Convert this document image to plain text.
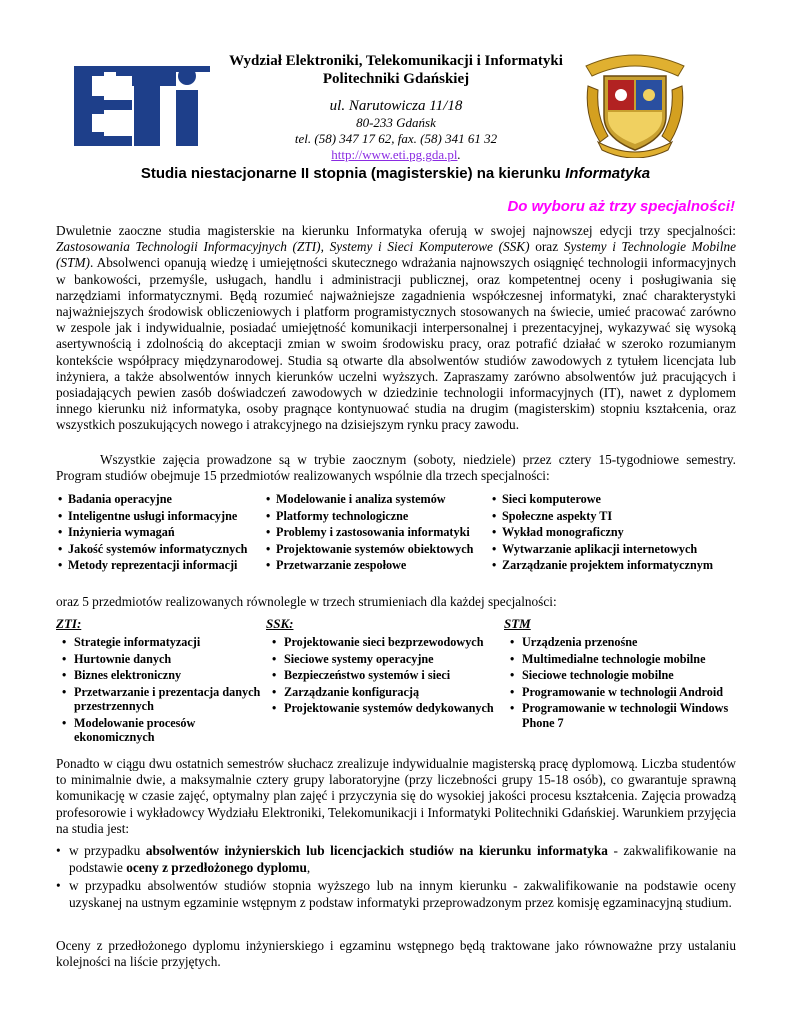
Wydział Elektroniki, Telekomunikacji i Informatyki
Politechniki Gdańskiej
ul. Narutowicza 11/18
80-233 Gdańsk
tel. (58) 347 17 62, fax. (58) 341 61 32
http://www.eti.pg.gda.pl.
Studia niestacjonarne II stopnia (magisterskie) na kierunku Informatyka
Do wyboru aż trzy specjalności!
Dwuletnie zaoczne studia magisterskie na kierunku Informatyka oferują w swojej najnowszej edycji trzy specjalności: Zastosowania Technologii Informacyjnych (ZTI), Systemy i Sieci Komputerowe (SSK) oraz Systemy i Technologie Mobilne (STM). Absolwenci opanują wiedzę i umiejętności skutecznego wdrażania najnowszych osiągnięć technologii informacyjnych w bankowości, przemyśle, usługach, handlu i administracji publicznej, oraz kompetentnej oceny i posługiwania się narzędziami informatycznymi. Będą rozumieć najważniejsze zagadnienia współczesnej informatyki, znać charakterystyki najważniejszych środowisk obliczeniowych i platform programistycznych stosowanych na świecie, umieć pracować zarówno w zespole jak i indywidualnie, posiadać umiejętność komunikacji interpersonalnej i prezentacyjnej, wykazywać się wysoką asertywnością i zdolnością do akceptacji zmian w swoim środowisku pracy, oraz potrafić działać w szeroko rozumianym kontekście współpracy międzynarodowej. Studia są otwarte dla absolwentów studiów zawodowych z tytułem licencjata lub inżyniera, a także absolwentów innych kierunków uczelni wyższych. Zapraszamy zarówno absolwentów już pracujących i posiadających pewien zasób doświadczeń zawodowych w dziedzinie technologii informacyjnych (IT), nawet z dyplomem innego kierunku niż informatyka, osoby pragnące kontynuować studia na drugim (magisterskim) stopniu kształcenia, oraz wszystkich poszukujących nowego i atrakcyjnego na dzisiejszym rynku pracy zawodu.
Wszystkie zajęcia prowadzone są w trybie zaocznym (soboty, niedziele) przez cztery 15-tygodniowe semestry. Program studiów obejmuje 15 przedmiotów realizowanych wspólnie dla trzech specjalności:
• Badania operacyjne	• Modelowanie i analiza systemów	• Sieci komputerowe

• Inteligentne usługi informacyjne	• Platformy technologiczne	• Społeczne aspekty TI

• Inżynieria wymagań	• Problemy i zastosowania informatyki	• Wykład monograficzny

• Jakość systemów informatycznych	• Projektowanie systemów obiektowych	• Wytwarzanie aplikacji internetowych

• Metody reprezentacji informacji	• Przetwarzanie zespołowe	• Zarządzanie projektem informatycznym
oraz 5 przedmiotów realizowanych równolegle w trzech strumieniach dla każdej specjalności:
ZTI:
• Strategie informatyzacji
• Hurtownie danych
• Biznes elektroniczny
• Przetwarzanie i prezentacja danych przestrzennych
• Modelowanie procesów ekonomicznych
SSK:
• Projektowanie sieci bezprzewodowych
• Sieciowe systemy operacyjne
• Bezpieczeństwo systemów i sieci
• Zarządzanie konfiguracją
• Projektowanie systemów dedykowanych
STM
• Urządzenia przenośne
• Multimedialne technologie mobilne
• Sieciowe technologie mobilne
• Programowanie w technologii Android
• Programowanie w technologii Windows Phone 7
Ponadto w ciągu dwu ostatnich semestrów słuchacz zrealizuje indywidualnie magisterską pracę dyplomową. Liczba studentów to minimalnie dwie, a maksymalnie cztery grupy laboratoryjne (przy liczebności grupy 15-18 osób), co gwarantuje sprawną komunikację w czasie zajęć, optymalny plan zajęć i przyczynia się do wysokiej jakości procesu kształcenia. Zajęcia prowadzą profesorowie i wykładowcy Wydziału Elektroniki, Telekomunikacji i Informatyki Politechniki Gdańskiej. Warunkiem przyjęcia na studia jest:
• w przypadku absolwentów inżynierskich lub licencjackich studiów na kierunku informatyka - zakwalifikowanie na podstawie oceny z przedłożonego dyplomu,
• w przypadku absolwentów studiów stopnia wyższego lub na innym kierunku - zakwalifikowanie na podstawie oceny uzyskanej na ustnym egzaminie wstępnym z podstaw informatyki przeprowadzonym przez komisję egzaminacyjną studium.
Oceny z przedłożonego dyplomu inżynierskiego i egzaminu wstępnego będą traktowane jako równoważne przy ustalaniu kolejności na liście przyjętych.
